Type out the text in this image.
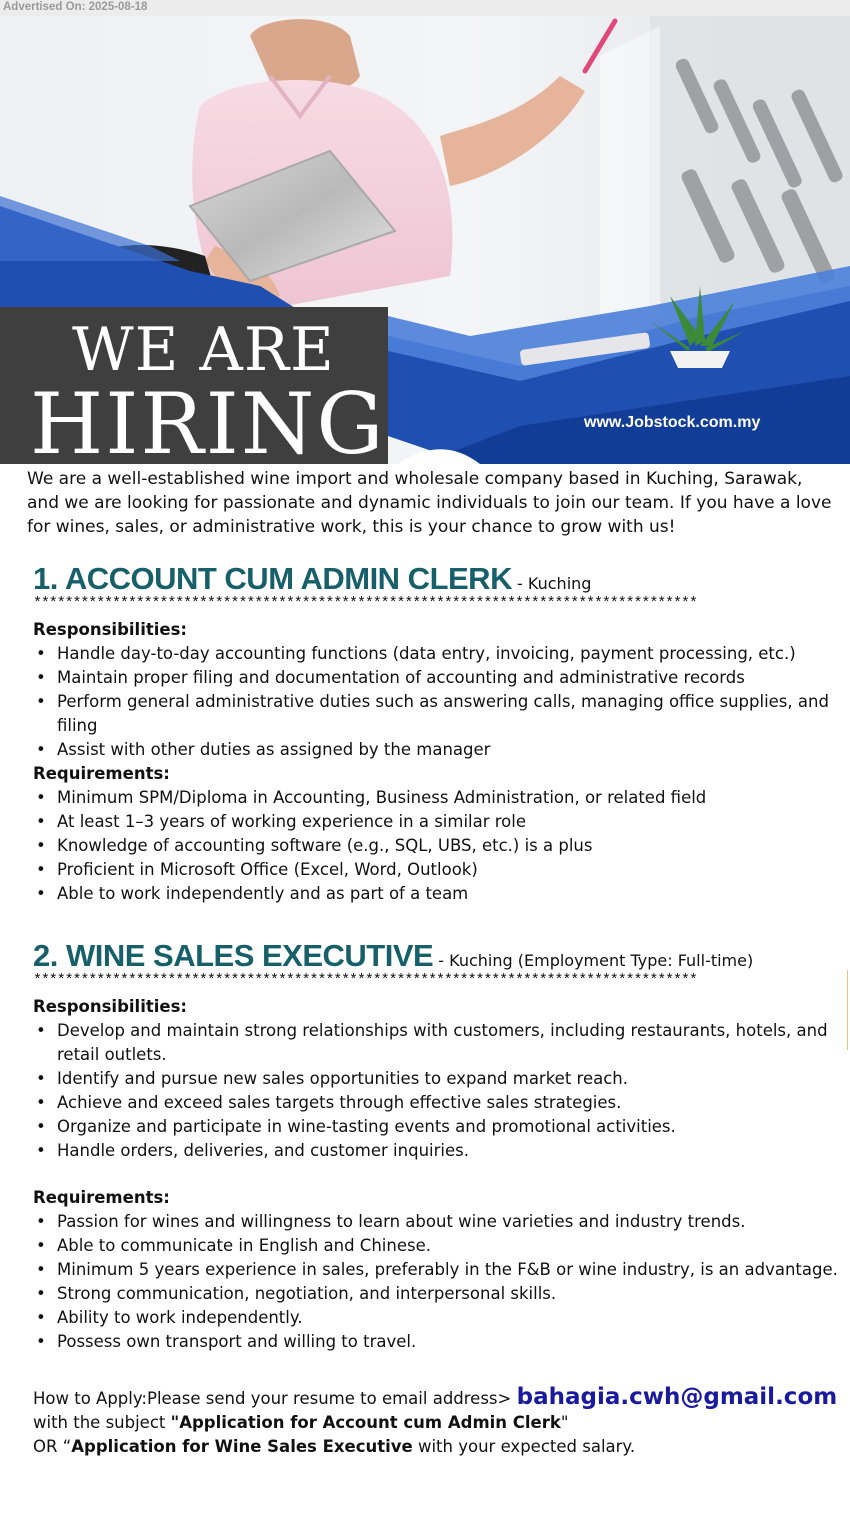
Advertised On: 2025-08-18
WE ARE
HIRING	www.Jobstock.com.my
We are a well-established wine import and wholesale company based in Kuching, Sarawak, and we are looking for passionate and dynamic individuals to join our team. If you have a love for wines, sales, or administrative work, this is your chance to grow with us!
1. ACCOUNT CUM ADMIN CLERK - Kuching
************************************************************************************
Responsibilities:
• Handle day-to-day accounting functions (data entry, invoicing, payment processing, etc.)
• Maintain proper filing and documentation of accounting and administrative records
• Perform general administrative duties such as answering calls, managing office supplies, and filing
• Assist with other duties as assigned by the manager
Requirements:
• Minimum SPM/Diploma in Accounting, Business Administration, or related field
• At least 1–3 years of working experience in a similar role
• Knowledge of accounting software (e.g., SQL, UBS, etc.) is a plus
• Proficient in Microsoft Office (Excel, Word, Outlook)
• Able to work independently and as part of a team
2. WINE SALES EXECUTIVE - Kuching (Employment Type: Full-time)
************************************************************************************
Responsibilities:
• Develop and maintain strong relationships with customers, including restaurants, hotels, and retail outlets.
• Identify and pursue new sales opportunities to expand market reach.
• Achieve and exceed sales targets through effective sales strategies.
• Organize and participate in wine-tasting events and promotional activities.
• Handle orders, deliveries, and customer inquiries.
Requirements:
• Passion for wines and willingness to learn about wine varieties and industry trends.
• Able to communicate in English and Chinese.
• Minimum 5 years experience in sales, preferably in the F&B or wine industry, is an advantage.
• Strong communication, negotiation, and interpersonal skills.
• Ability to work independently.
• Possess own transport and willing to travel.
How to Apply:Please send your resume to email address> bahagia.cwh@gmail.com
with the subject "Application for Account cum Admin Clerk"
OR “Application for Wine Sales Executive with your expected salary.
